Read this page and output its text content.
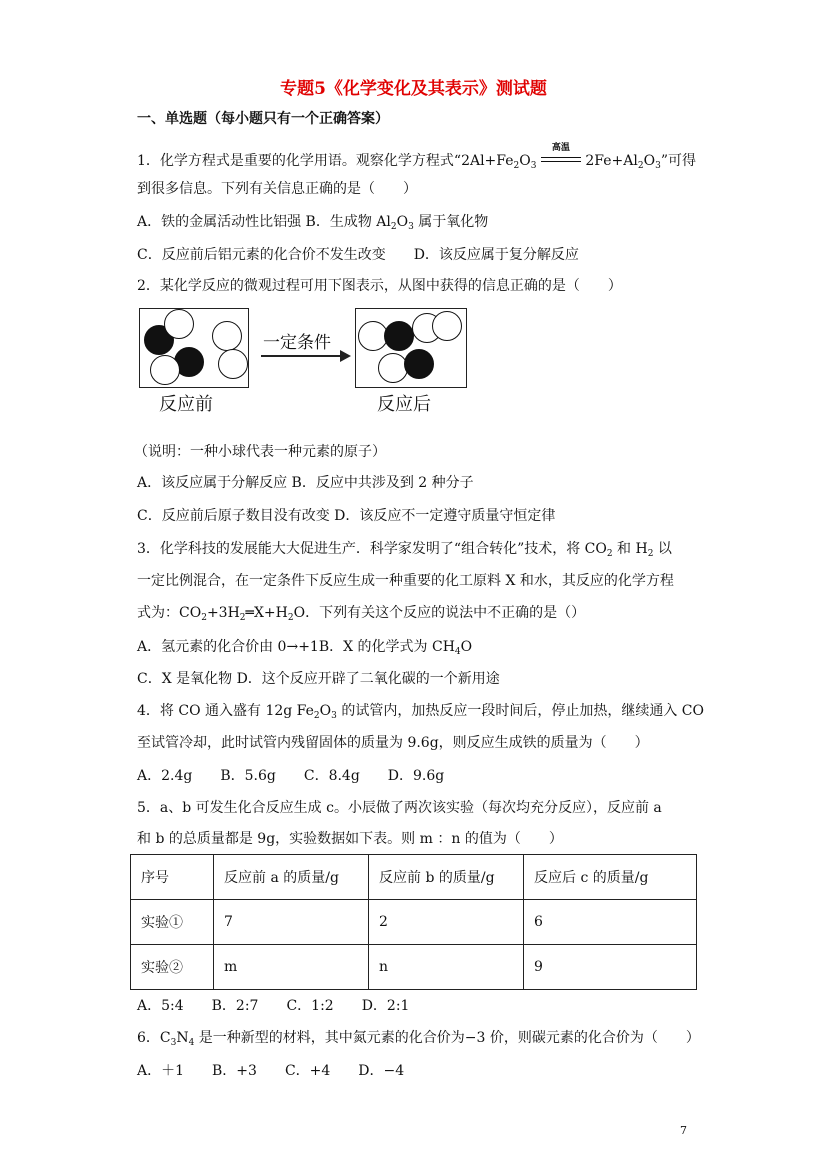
专题5《化学变化及其表示》测试题
一、单选题（每小题只有一个正确答案）
1．化学方程式是重要的化学用语。观察化学方程式“$2Al+Fe_2O_3$
高温
$2Fe+Al_2O_3$”可得
到很多信息。下列有关信息正确的是（　　）
A．铁的金属活动性比铝强 B．生成物 $Al_2O_3$ 属于氧化物
C．反应前后铝元素的化合价不发生改变　　D．该反应属于复分解反应
2．某化学反应的微观过程可用下图表示，从图中获得的信息正确的是（　　）
一定条件
反应前	反应后
（说明：一种小球代表一种元素的原子）
A．该反应属于分解反应 B．反应中共涉及到 2 种分子
C．反应前后原子数目没有改变 D．该反应不一定遵守质量守恒定律
3．化学科技的发展能大大促进生产．科学家发明了“组合转化”技术，将 $CO_2$ 和 $H_2$ 以
一定比例混合，在一定条件下反应生成一种重要的化工原料 X 和水，其反应的化学方程
式为：$CO_2+3H_2═X+H_2O$．下列有关这个反应的说法中不正确的是（）
A．氢元素的化合价由 0→+1B．X 的化学式为 $CH_4O$
C．X 是氧化物 D．这个反应开辟了二氧化碳的一个新用途
4．将 CO 通入盛有 12g $Fe_2O_3$ 的试管内，加热反应一段时间后，停止加热，继续通入 CO
至试管冷却，此时试管内残留固体的质量为 9.6g，则反应生成铁的质量为（　　）
A．2.4g　　B．5.6g　　C．8.4g　　D．9.6g
5．a、b 可发生化合反应生成 c。小辰做了两次该实验（每次均充分反应），反应前 a
和 b 的总质量都是 9g，实验数据如下表。则 m ：n 的值为（　　）
序号	反应前 a 的质量/g	反应前 b 的质量/g	反应后 c 的质量/g
实验①	7	2	6
实验②	m	n	9
A．5:4　　B．2:7　　C．1:2　　D．2:1
6．$C_3N_4$ 是一种新型的材料，其中氮元素的化合价为−3 价，则碳元素的化合价为（　　）
A．＋1　　B．+3　　C．+4　　D．−4
7
